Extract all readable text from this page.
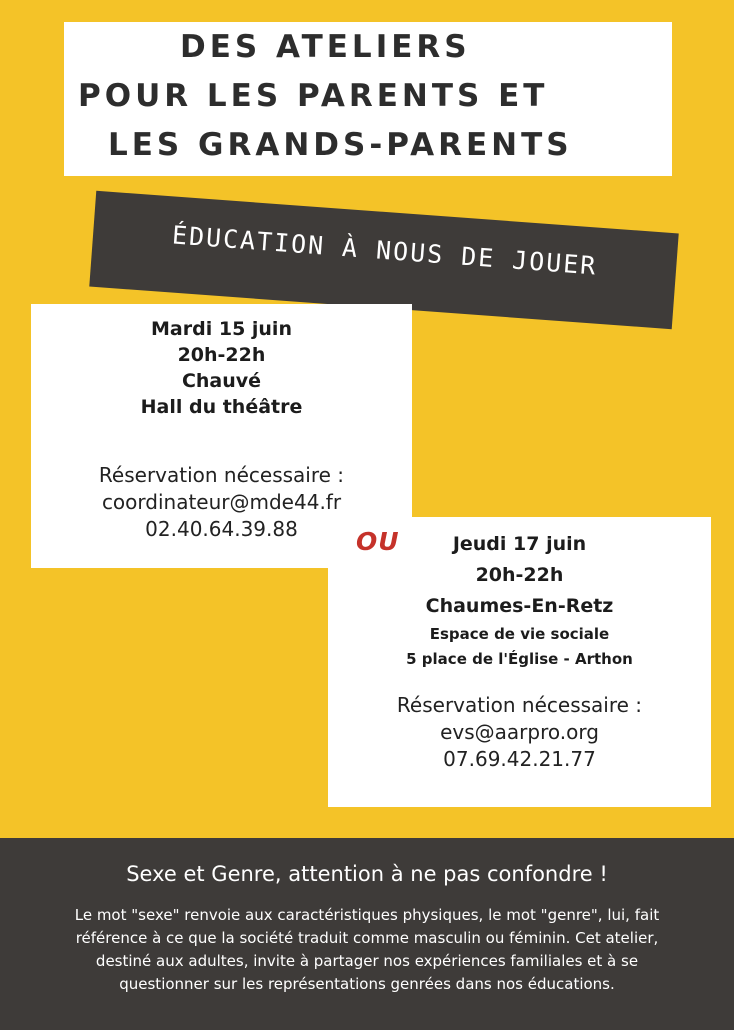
DES ATELIERS
POUR LES PARENTS ET
LES GRANDS-PARENTS
ÉDUCATION À NOUS DE JOUER
Mardi 15 juin
20h-22h
Chauvé
Hall du théâtre
Réservation nécessaire :
coordinateur@mde44.fr
02.40.64.39.88
Jeudi 17 juin
20h-22h
Chaumes-En-Retz
Espace de vie sociale
5 place de l'Église - Arthon
Réservation nécessaire :
evs@aarpro.org
07.69.42.21.77
OU
Sexe et Genre, attention à ne pas confondre !
Le mot "sexe" renvoie aux caractéristiques physiques, le mot "genre", lui, fait
référence à ce que la société traduit comme masculin ou féminin. Cet atelier,
destiné aux adultes, invite à partager nos expériences familiales et à se
questionner sur les représentations genrées dans nos éducations.
